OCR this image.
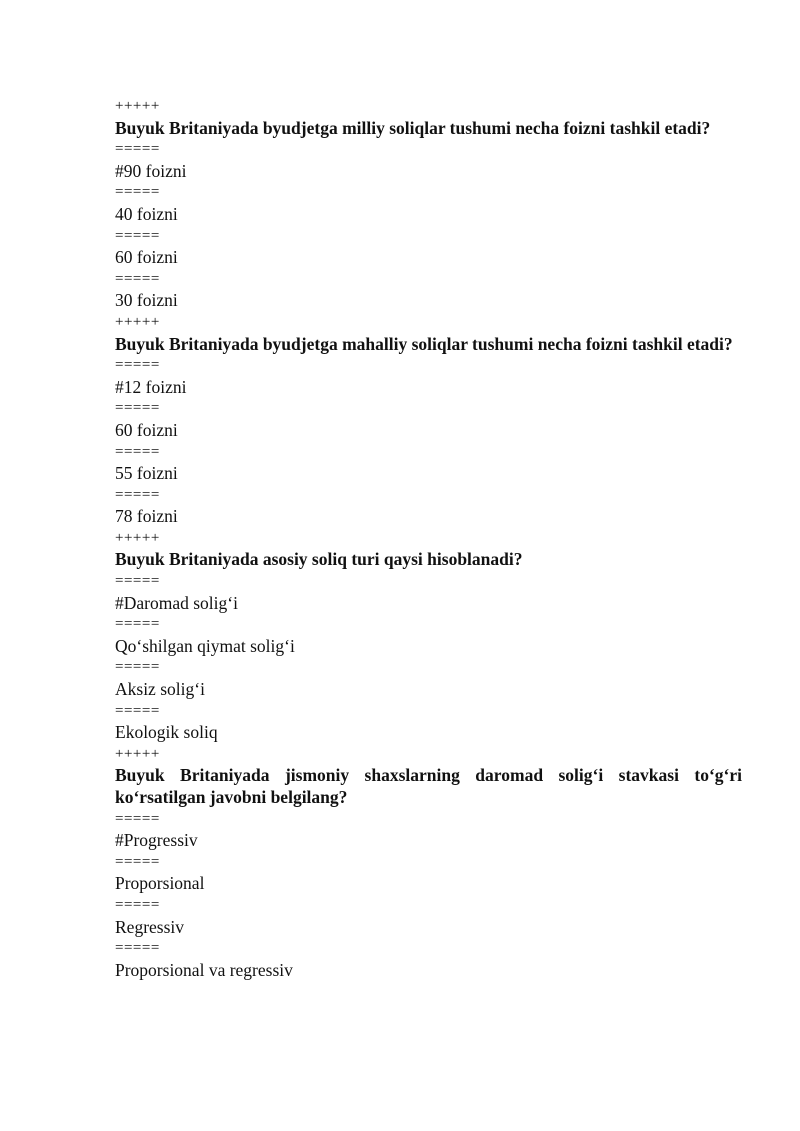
+++++

Buyuk Britaniyada byudjetga milliy soliqlar tushumi necha foizni tashkil etadi?

=====

#90 foizni

=====

40 foizni

=====

60 foizni

=====

30 foizni

+++++

Buyuk Britaniyada byudjetga mahalliy soliqlar tushumi necha foizni tashkil etadi?

=====

#12 foizni

=====

60 foizni

=====

55 foizni

=====

78 foizni

+++++

Buyuk Britaniyada asosiy soliq turi qaysi hisoblanadi?

=====

#Daromad solig‘i

=====

Qo‘shilgan qiymat solig‘i

=====

Aksiz solig‘i

=====

Ekologik soliq

+++++

Buyuk Britaniyada jismoniy shaxslarning daromad solig‘i stavkasi to‘g‘ri ko‘rsatilgan javobni belgilang?

=====

#Progressiv

=====

Proporsional

=====

Regressiv

=====

Proporsional va regressiv
